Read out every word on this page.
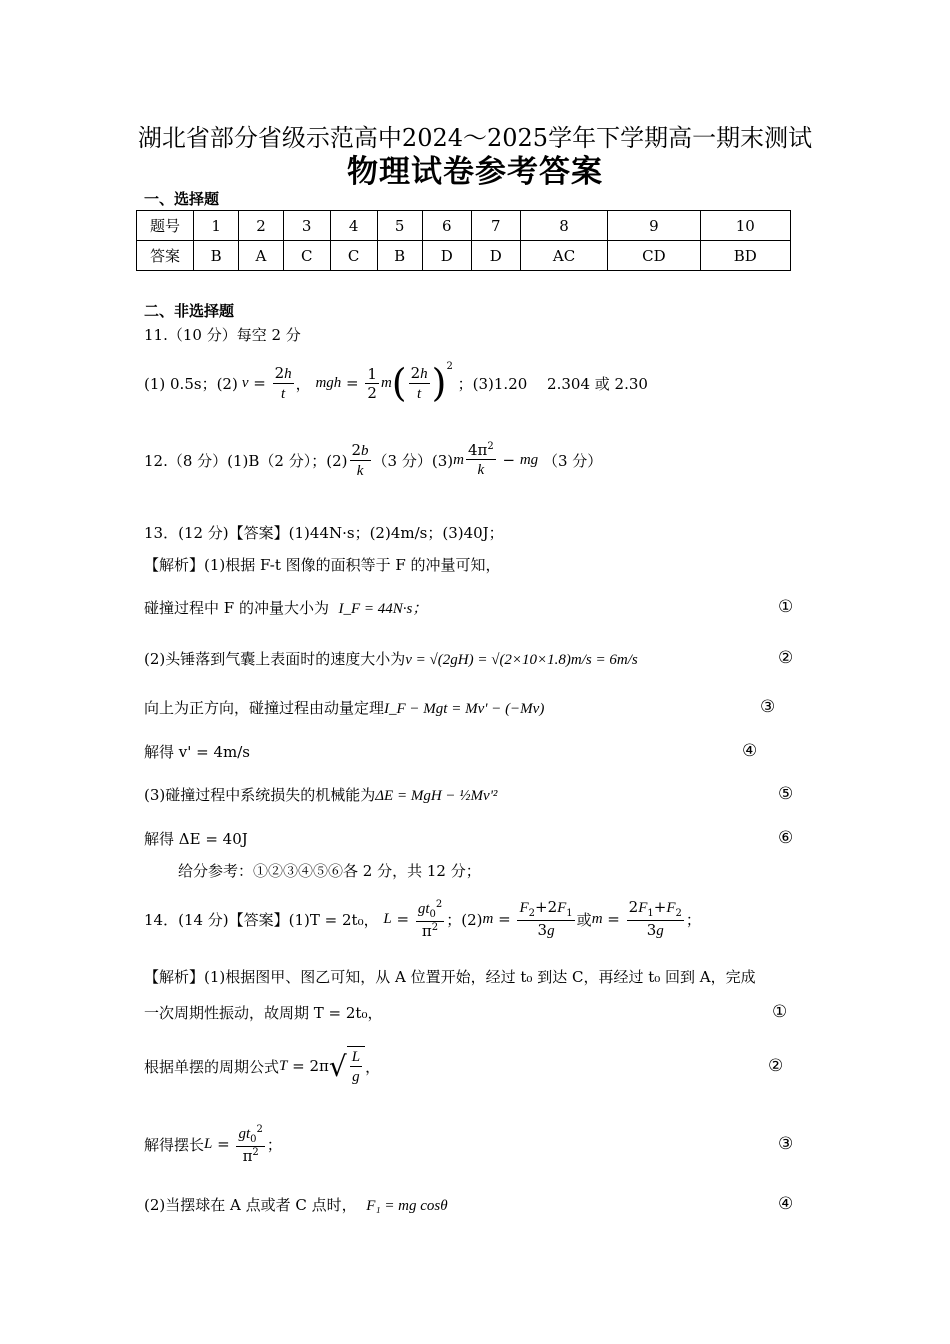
湖北省部分省级示范高中2024～2025学年下学期高一期末测试
物理试卷参考答案
一、选择题
题号	1	2	3	4	5	6	7	8	9	10
答案	B	A	C	C	B	D	D	AC	CD	BD
二、非选择题
11.（10 分）每空 2 分
(1) 0.5s；(2) $v = \frac{2h}{t}$ ， mgh = $\frac{1}{2}$ m ( $\frac{2h}{t} )^2$

；(3)1.20　 2.304 或 2.30
12.（8 分）(1)B（2 分）；$(2) \frac{2b}{k} (3$ 分）(3) m $\frac{4\pi^2}{k}$ − mg
（3 分）
13．(12 分)【答案】(1)44N·s；(2)4m/s；(3)40J；
【解析】(1)根据 F-t 图像的面积等于 F 的冲量可知，
碰撞过程中 F 的冲量大小为 I_F = 44N·s；	①
(2)头锤落到气囊上表面时的速度大小为v = √(2gH) = √(2×10×1.8)m/s = 6m/s	②
向上为正方向，碰撞过程由动量定理I_F − Mgt = Mv' − (−Mv)	③
解得 v' = 4m/s	④
(3)碰撞过程中系统损失的机械能为ΔE = MgH − ½Mv'²	⑤
解得 ΔE = 40J	⑥
给分参考：①②③④⑤⑥各 2 分，共 12 分；
14．(14 分)【答案】(1)T = 2t₀，
$L = \frac{gt_0^2}{\pi^2}$ ；(2) $m = \frac{F_2+2F_1}{3g}$ 或 $m = \frac{2F_1+F_2}{3g}$ ；
【解析】(1)根据图甲、图乙可知，从 A 位置开始，经过 t₀ 到达 C，再经过 t₀ 回到 A，完成
一次周期性振动，故周期 T = 2t₀，	①
根据单摆的周期公式 T = 2π √ $\frac{L}{g}$ ，	②
解得摆长 $L = \frac{gt_0^2}{\pi^2}$ ；	③
(2)当摆球在 A 点或者 C 点时， F₁ = mg cosθ	④
